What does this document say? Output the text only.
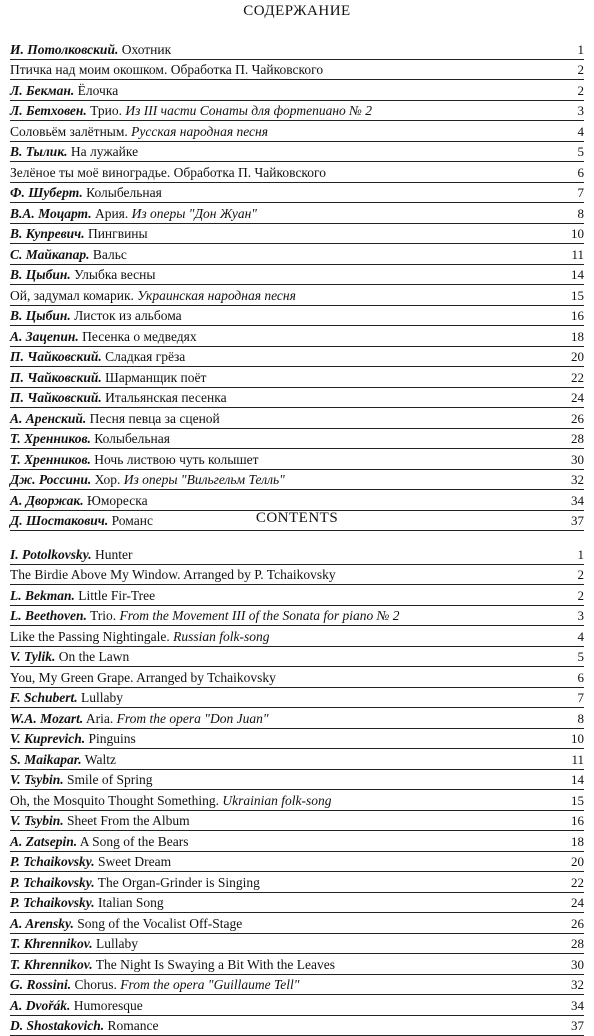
СОДЕРЖАНИЕ
И. Потолковский. Охотник	1
Птичка над моим окошком. Обработка П. Чайковского	2
Л. Бекман. Ёлочка	2
Л. Бетховен. Трио. Из III части Сонаты для фортепиано № 2	3
Соловьём залётным. Русская народная песня	4
В. Тылик. На лужайке	5
Зелёное ты моё виноградье. Обработка П. Чайковского	6
Ф. Шуберт. Колыбельная	7
В.А. Моцарт. Ария. Из оперы "Дон Жуан"	8
В. Купревич. Пингвины	10
С. Майкапар. Вальс	11
В. Цыбин. Улыбка весны	14
Ой, задумал комарик. Украинская народная песня	15
В. Цыбин. Листок из альбома	16
А. Зацепин. Песенка о медведях	18
П. Чайковский. Сладкая грёза	20
П. Чайковский. Шарманщик поёт	22
П. Чайковский. Итальянская песенка	24
А. Аренский. Песня певца за сценой	26
Т. Хренников. Колыбельная	28
Т. Хренников. Ночь листвою чуть колышет	30
Дж. Россини. Хор. Из оперы "Вильгельм Телль"	32
А. Дворжак. Юмореска	34
Д. Шостакович. Романс	37
CONTENTS
I. Potolkovsky. Hunter	1
The Birdie Above My Window. Arranged by P. Tchaikovsky	2
L. Bekman. Little Fir-Tree	2
L. Beethoven. Trio. From the Movement III of the Sonata for piano № 2	3
Like the Passing Nightingale. Russian folk-song	4
V. Tylik. On the Lawn	5
You, My Green Grape. Arranged by Tchaikovsky	6
F. Schubert. Lullaby	7
W.A. Mozart. Aria. From the opera "Don Juan"	8
V. Kuprevich. Pinguins	10
S. Maikapar. Waltz	11
V. Tsybin. Smile of Spring	14
Oh, the Mosquito Thought Something. Ukrainian folk-song	15
V. Tsybin. Sheet From the Album	16
A. Zatsepin. A Song of the Bears	18
P. Tchaikovsky. Sweet Dream	20
P. Tchaikovsky. The Organ-Grinder is Singing	22
P. Tchaikovsky. Italian Song	24
A. Arensky. Song of the Vocalist Off-Stage	26
T. Khrennikov. Lullaby	28
T. Khrennikov. The Night Is Swaying a Bit With the Leaves	30
G. Rossini. Chorus. From the opera "Guillaume Tell"	32
A. Dvořák. Humoresque	34
D. Shostakovich. Romance	37
